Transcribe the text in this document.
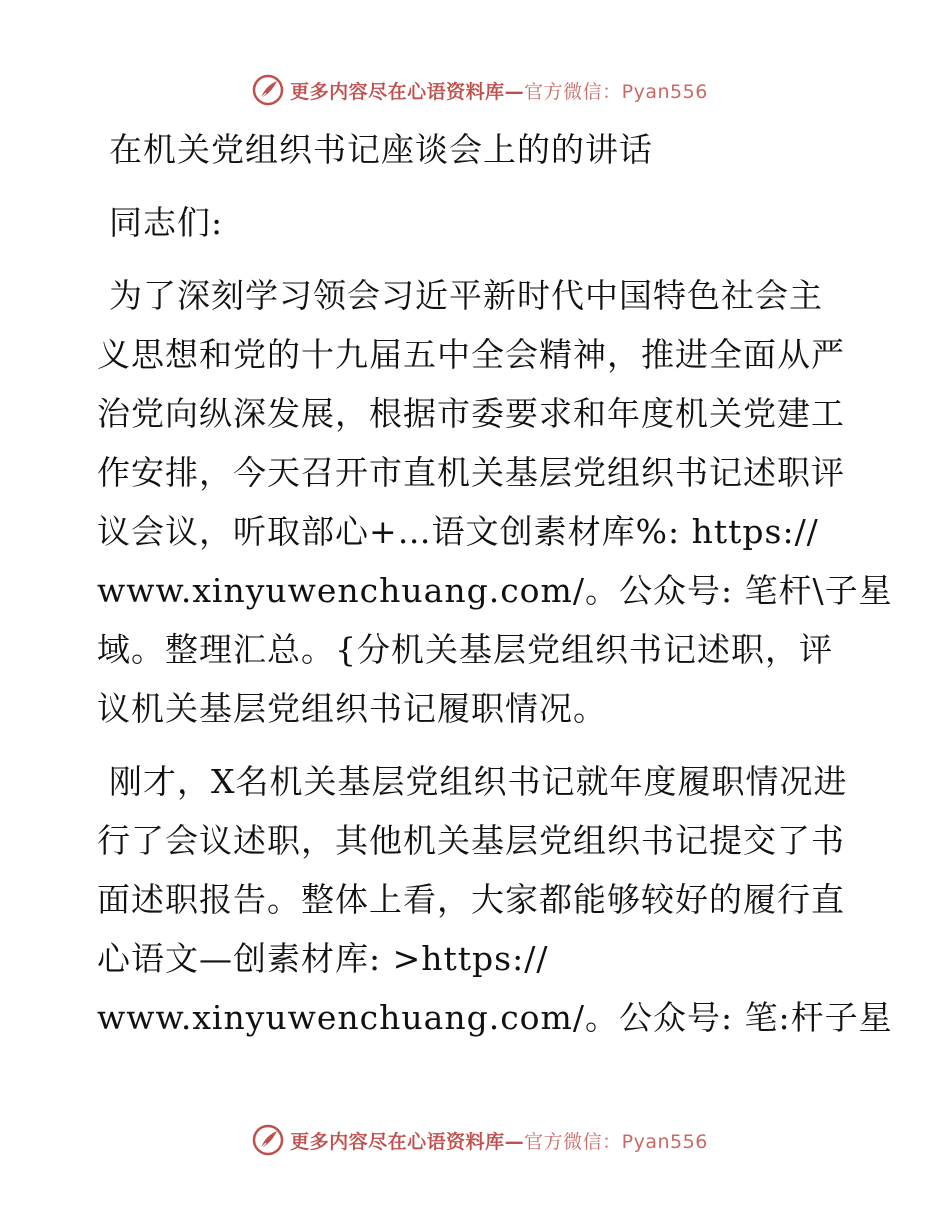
更多内容尽在心语资料库—官方微信：Pyan556
在机关党组织书记座谈会上的的讲话
同志们:
为了深刻学习领会习近平新时代中国特色社会主
义思想和党的十九届五中全会精神，推进全面从严
治党向纵深发展，根据市委要求和年度机关党建工
作安排，今天召开市直机关基层党组织书记述职评
议会议，听取部心+…语文创素材库%: https://
www.xinyuwenchuang.com/。公众号: 笔杆\子星
域。整理汇总。{分机关基层党组织书记述职，评
议机关基层党组织书记履职情况。
刚才，X名机关基层党组织书记就年度履职情况进
行了会议述职，其他机关基层党组织书记提交了书
面述职报告。整体上看，大家都能够较好的履行直
心语文—创素材库: >https://
www.xinyuwenchuang.com/。公众号: 笔:杆子星
更多内容尽在心语资料库—官方微信：Pyan556
